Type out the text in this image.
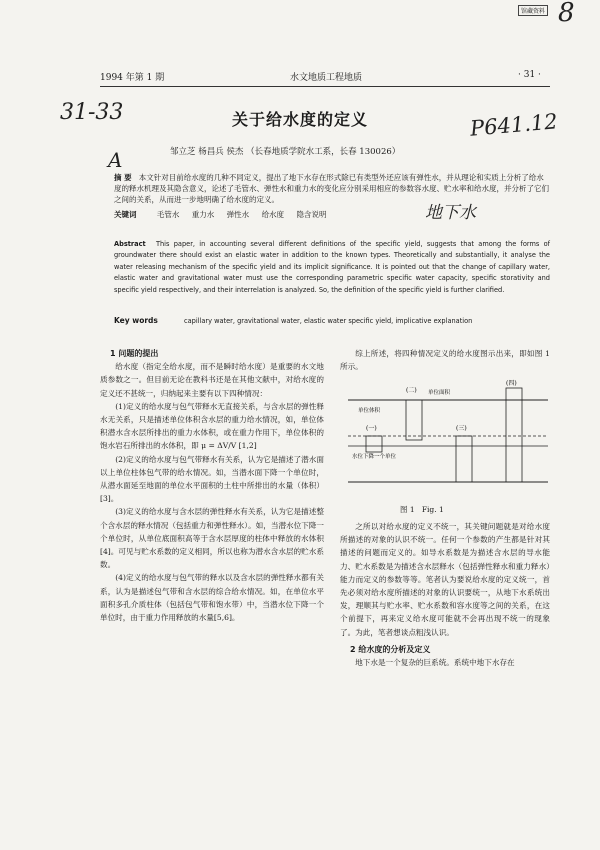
馆藏资料 8
1994 年第 1 期	水文地质工程地质	· 31 ·
31-33	关于给水度的定义	P641.12
A	邹立芝 杨昌兵 侯杰 （长春地质学院水工系，长春 130026）
摘 要 本文针对目前给水度的几种不同定义，提出了地下水存在形式除已有类型外还应该有弹性水，并从理论和实质上分析了给水度的释水机理及其隐含意义，论述了毛管水、弹性水和重力水的变化应分别采用相应的参数容水度、贮水率和给水度，并分析了它们之间的关系，从而进一步地明确了给水度的定义。
关键词	毛管水 重力水 弹性水 给水度 隐含说明	地下水
Abstract This paper, in accounting several different definitions of the specific yield, suggests that among the forms of groundwater there should exist an elastic water in addition to the known types. Theoretically and substantially, it analyse the water releasing mechanism of the specific yield and its implicit significance. It is pointed out that the change of capillary water, elastic water and gravitational water must use the corresponding parametric specific water capacity, specific storativity and specific yield respectively, and their interrelation is analyzed. So, the definition of the specific yield is further clarified.
Key words	capillary water, gravitational water, elastic water specific yield, implicative explanation
1 问题的提出

给水度（指定全给水度，而不是瞬时给水度）是重要的水文地质参数之一。但目前无论在教科书还是在其他文献中，对给水度的定义还不甚统一，归纳起来主要有以下四种情况：

(1)定义的给水度与包气带释水无直接关系，与含水层的弹性释水无关系，只是描述单位体积含水层的重力给水情况，如，单位体积潜水含水层所排出的重力水体积，或在重力作用下，单位体积的饱水岩石所排出的水体积，即 μ = ΔV/V [1,2]

(2)定义的给水度与包气带释水有关系，认为它是描述了潜水面以上单位柱体包气带的给水情况。如，当潜水面下降一个单位时，从潜水面延至地面的单位水平面积的土柱中所排出的水量（体积）[3]。

(3)定义的给水度与含水层的弹性释水有关系，认为它是描述整个含水层的释水情况（包括重力和弹性释水）。如，当潜水位下降一个单位时，从单位底面积高等于含水层厚度的柱体中释放的水体积[4]。可见与贮水系数的定义相同，所以也称为潜水含水层的贮水系数。

(4)定义的给水度与包气带的释水以及含水层的弹性释水都有关系，认为是描述包气带和含水层的综合给水情况。如，在单位水平面积多孔介质柱体（包括包气带和饱水带）中，当潜水位下降一个单位时，由于重力作用释放的水量[5,6]。

综上所述，将四种情况定义的给水度图示出来，即如图 1 所示。

(二)
(四)
(一)	(三)
单位面积
单位体积
水位下降一个单位
图 1 Fig. 1

之所以对给水度的定义不统一，其关键问题就是对给水度所描述的对象的认识不统一。任何一个参数的产生都是针对其描述的问题而定义的。如导水系数是为描述含水层的导水能力、贮水系数是为描述含水层释水（包括弹性释水和重力释水）能力而定义的参数等等。笔者认为要说给水度的定义统一，首先必须对给水度所描述的对象的认识要统一，从地下水系统出发，理顺其与贮水率、贮水系数和容水度等之间的关系，在这个前提下，再来定义给水度可能就不会再出现不统一的现象了。为此，笔者想谈点粗浅认识。

2 给水度的分析及定义

地下水是一个复杂的巨系统。系统中地下水存在
